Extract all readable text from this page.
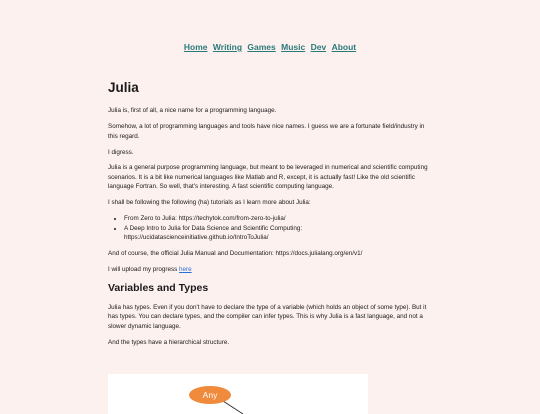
Home Writing Games Music Dev About
Julia

Julia is, first of all, a nice name for a programming language.

Somehow, a lot of programming languages and tools have nice names. I guess we are a fortunate field/industry in this regard.

I digress.

Julia is a general purpose programming language, but meant to be leveraged in numerical and scientific computing scenarios. It is a bit like numerical languages like Matlab and R, except, it is actually fast! Like the old scientific language Fortran. So well, that's interesting. A fast scientific computing language.

I shall be following the following (ha) tutorials as I learn more about Julia:

• From Zero to Julia: https://techytok.com/from-zero-to-julia/
• A Deep Intro to Julia for Data Science and Scientific Computing: https://ucidatascienceinitiative.github.io/IntroToJulia/

And of course, the official Julia Manual and Documentation: https://docs.julialang.org/en/v1/

I will upload my progress here

Variables and Types

Julia has types. Even if you don't have to declare the type of a variable (which holds an object of some type). But it has types. You can declare types, and the compiler can infer types. This is why Julia is a fast language, and not a slower dynamic language.

And the types have a hierarchical structure.

Any
